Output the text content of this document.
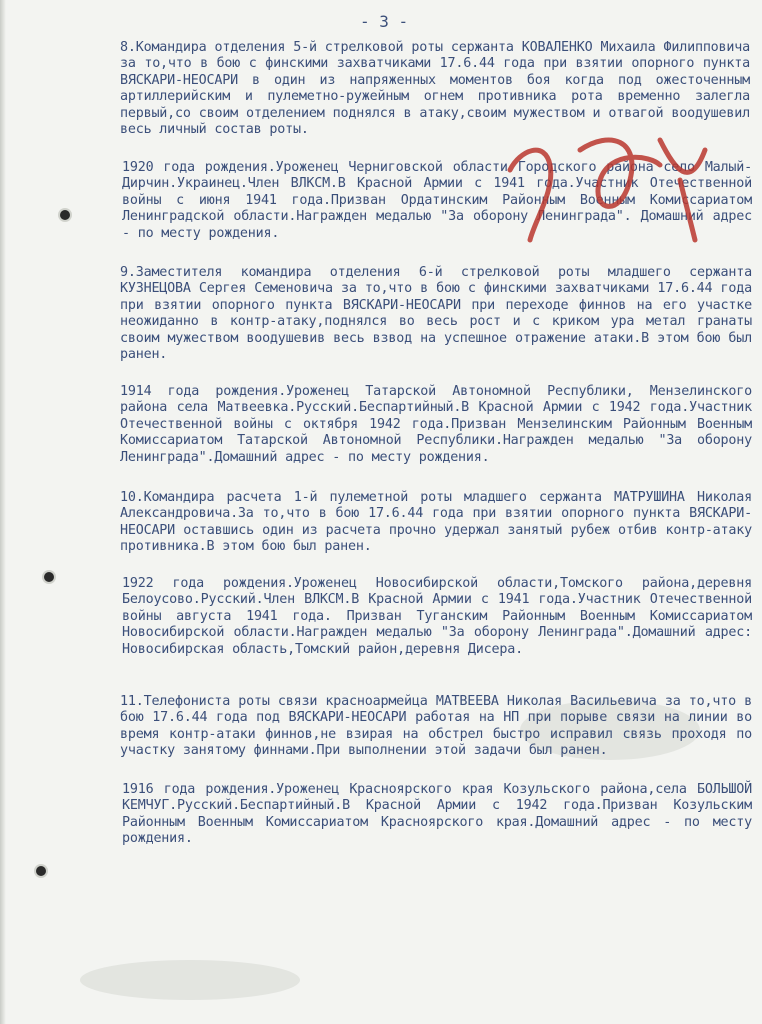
- 3 -
8.Командира отделения 5-й стрелковой роты сержанта КОВАЛЕНКО Михаила Филипповича за то,что в бою с финскими захватчиками 17.6.44 года при взятии опорного пункта ВЯСКАРИ-НЕОСАРИ в один из напряженных моментов боя когда под ожесточенным артиллерийским и пулеметно-ружейным огнем противника рота временно залегла первый,со своим отделением поднялся в атаку,своим мужеством и отвагой воодушевил весь личный состав роты.
1920 года рождения.Уроженец Черниговской области Городского района село Малый-Дирчин.Украинец.Член ВЛКСМ.В Красной Армии с 1941 года.Участник Отечественной войны с июня 1941 года.Призван Ордатинским Районным Военным Комиссариатом Ленинградской области.Награжден медалью "За оборону Ленинграда". Домашний адрес - по месту рождения.
9.Заместителя командира отделения 6-й стрелковой роты младшего сержанта КУЗНЕЦОВА Сергея Семеновича за то,что в бою с финскими захватчиками 17.6.44 года при взятии опорного пункта ВЯСКАРИ-НЕОСАРИ при переходе финнов на его участке неожиданно в контр-атаку,поднялся во весь рост и с криком ура метал гранаты своим мужеством воодушевив весь взвод на успешное отражение атаки.В этом бою был ранен.
1914 года рождения.Уроженец Татарской Автономной Республики, Мензелинского района села Матвеевка.Русский.Беспартийный.В Красной Армии с 1942 года.Участник Отечественной войны с октября 1942 года.Призван Мензелинским Районным Военным Комиссариатом Татарской Автономной Республики.Награжден медалью "За оборону Ленинграда".Домашний адрес - по месту рождения.
10.Командира расчета 1-й пулеметной роты младшего сержанта МАТРУШИНА Николая Александровича.За то,что в бою 17.6.44 года при взятии опорного пункта ВЯСКАРИ-НЕОСАРИ оставшись один из расчета прочно удержал занятый рубеж отбив контр-атаку противника.В этом бою был ранен.
1922 года рождения.Уроженец Новосибирской области,Томского района,деревня Белоусово.Русский.Член ВЛКСМ.В Красной Армии с 1941 года.Участник Отечественной войны августа 1941 года. Призван Туганским Районным Военным Комиссариатом Новосибирской области.Награжден медалью "За оборону Ленинграда".Домашний адрес: Новосибирская область,Томский район,деревня Дисера.
11.Телефониста роты связи красноармейца МАТВЕЕВА Николая Васильевича за то,что в бою 17.6.44 года под ВЯСКАРИ-НЕОСАРИ работая на НП при порыве связи на линии во время контр-атаки финнов,не взирая на обстрел быстро исправил связь проходя по участку занятому финнами.При выполнении этой задачи был ранен.
1916 года рождения.Уроженец Красноярского края Козульского района,села БОЛЬШОЙ КЕМЧУГ.Русский.Беспартийный.В Красной Армии с 1942 года.Призван Козульским Районным Военным Комиссариатом Красноярского края.Домашний адрес - по месту рождения.
